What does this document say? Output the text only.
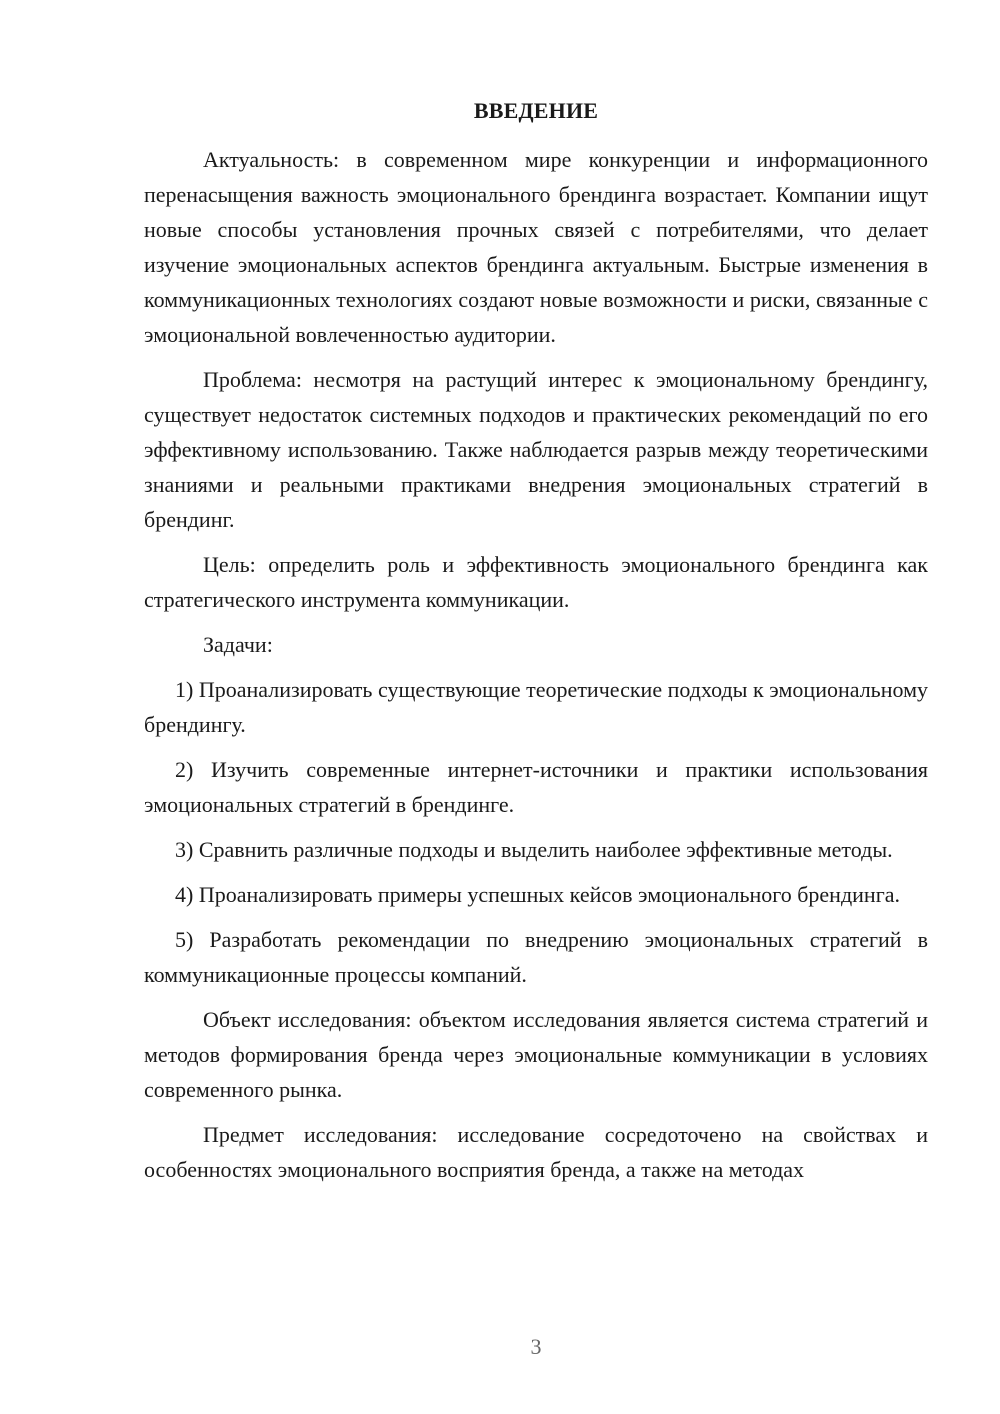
ВВЕДЕНИЕ

Актуальность: в современном мире конкуренции и информационного перенасыщения важность эмоционального брендинга возрастает. Компании ищут новые способы установления прочных связей с потребителями, что делает изучение эмоциональных аспектов брендинга актуальным. Быстрые изменения в коммуникационных технологиях создают новые возможности и риски, связанные с эмоциональной вовлеченностью аудитории.

Проблема: несмотря на растущий интерес к эмоциональному брендингу, существует недостаток системных подходов и практических рекомендаций по его эффективному использованию. Также наблюдается разрыв между теоретическими знаниями и реальными практиками внедрения эмоциональных стратегий в брендинг.

Цель: определить роль и эффективность эмоционального брендинга как стратегического инструмента коммуникации.

Задачи:

1) Проанализировать существующие теоретические подходы к эмоциональному брендингу.

2) Изучить современные интернет-источники и практики использования эмоциональных стратегий в брендинге.

3) Сравнить различные подходы и выделить наиболее эффективные методы.

4) Проанализировать примеры успешных кейсов эмоционального брендинга.

5) Разработать рекомендации по внедрению эмоциональных стратегий в коммуникационные процессы компаний.

Объект исследования: объектом исследования является система стратегий и методов формирования бренда через эмоциональные коммуникации в условиях современного рынка.

Предмет исследования: исследование сосредоточено на свойствах и особенностях эмоционального восприятия бренда, а также на методах

3
